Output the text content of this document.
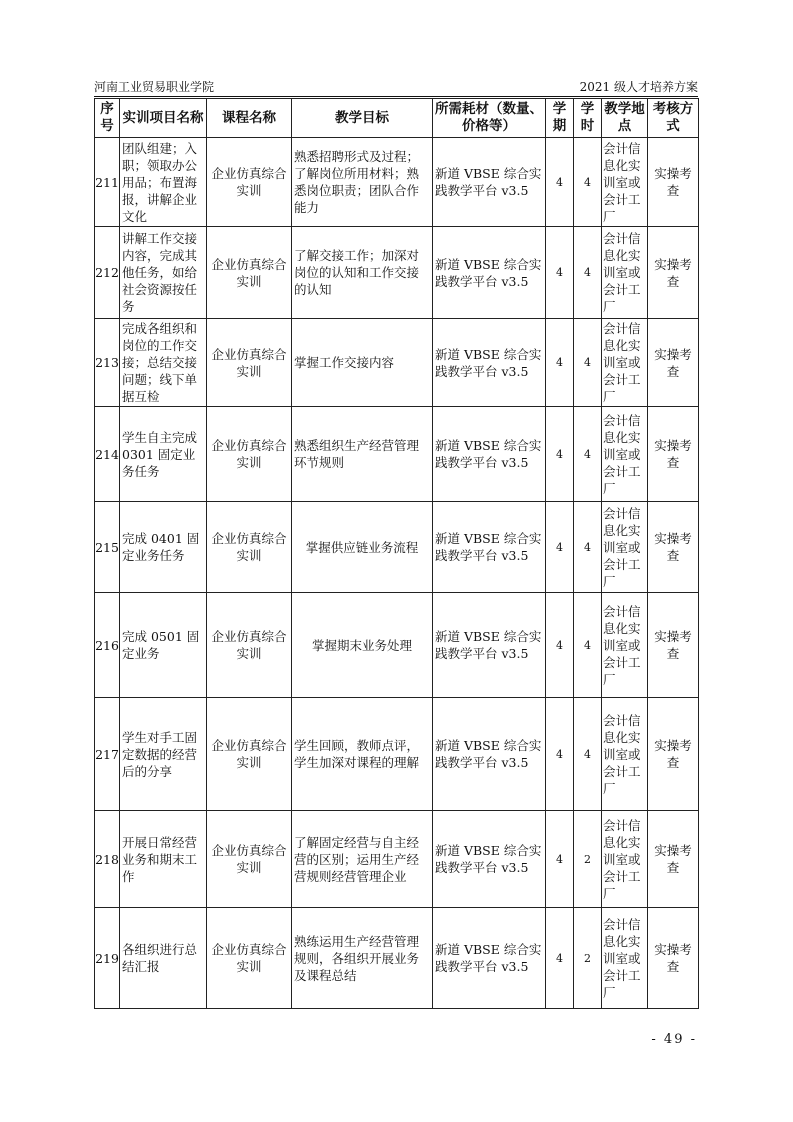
河南工业贸易职业学院	2021 级人才培养方案
序号	实训项目名称	课程名称	教学目标	所需耗材（数量、价格等）	学期	学时	教学地点	考核方式
211	团队组建；入职；领取办公用品；布置海报，讲解企业文化	企业仿真综合实训	熟悉招聘形式及过程；了解岗位所用材料；熟悉岗位职责；团队合作能力	新道 VBSE 综合实践教学平台 v3.5	4	4	会计信息化实训室或会计工厂	实操考查
212	讲解工作交接内容，完成其他任务，如给社会资源按任务	企业仿真综合实训	了解交接工作；加深对岗位的认知和工作交接的认知	新道 VBSE 综合实践教学平台 v3.5	4	4	会计信息化实训室或会计工厂	实操考查
213	完成各组织和岗位的工作交接；总结交接问题；线下单据互检	企业仿真综合实训	掌握工作交接内容	新道 VBSE 综合实践教学平台 v3.5	4	4	会计信息化实训室或会计工厂	实操考查
214	学生自主完成 0301 固定业务任务	企业仿真综合实训	熟悉组织生产经营管理环节规则	新道 VBSE 综合实践教学平台 v3.5	4	4	会计信息化实训室或会计工厂	实操考查
215	完成 0401 固定业务任务	企业仿真综合实训	掌握供应链业务流程	新道 VBSE 综合实践教学平台 v3.5	4	4	会计信息化实训室或会计工厂	实操考查
216	完成 0501 固定业务	企业仿真综合实训	掌握期末业务处理	新道 VBSE 综合实践教学平台 v3.5	4	4	会计信息化实训室或会计工厂	实操考查
217	学生对手工固定数据的经营后的分享	企业仿真综合实训	学生回顾，教师点评，学生加深对课程的理解	新道 VBSE 综合实践教学平台 v3.5	4	4	会计信息化实训室或会计工厂	实操考查
218	开展日常经营业务和期末工作	企业仿真综合实训	了解固定经营与自主经营的区别；运用生产经营规则经营管理企业	新道 VBSE 综合实践教学平台 v3.5	4	2	会计信息化实训室或会计工厂	实操考查
219	各组织进行总结汇报	企业仿真综合实训	熟练运用生产经营管理规则，各组织开展业务及课程总结	新道 VBSE 综合实践教学平台 v3.5	4	2	会计信息化实训室或会计工厂	实操考查
- 49 -
